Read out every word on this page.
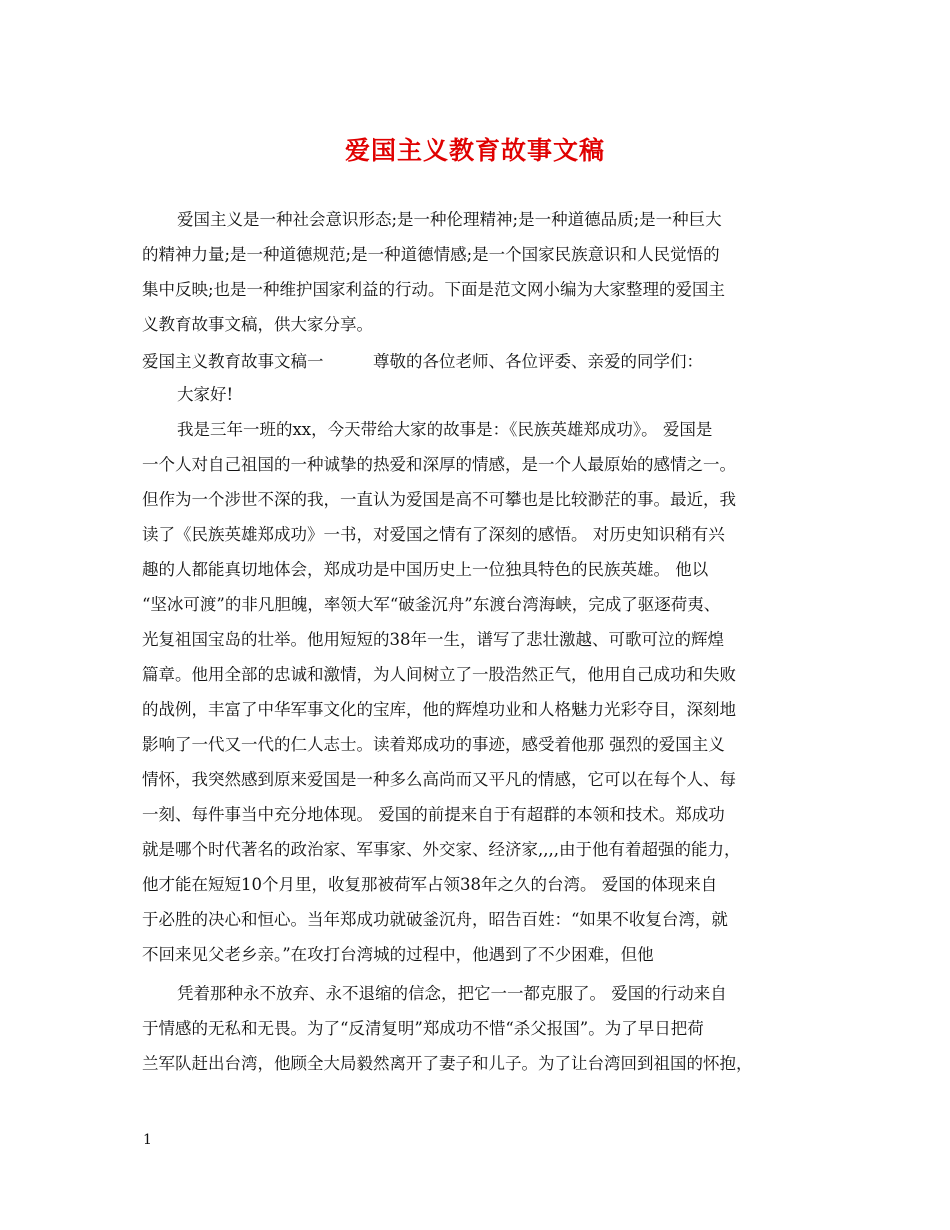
爱国主义教育故事文稿
爱国主义是一种社会意识形态;是一种伦理精神;是一种道德品质;是一种巨大
的精神力量;是一种道德规范;是一种道德情感;是一个国家民族意识和人民觉悟的
集中反映;也是一种维护国家利益的行动。下面是范文网小编为大家整理的爱国主
义教育故事文稿，供大家分享。
爱国主义教育故事文稿一　　　尊敬的各位老师、各位评委、亲爱的同学们：
大家好!
我是三年一班的xx，今天带给大家的故事是：《民族英雄郑成功》。 爱国是
一个人对自己祖国的一种诚挚的热爱和深厚的情感，是一个人最原始的感情之一。
但作为一个涉世不深的我，一直认为爱国是高不可攀也是比较渺茫的事。最近，我
读了《民族英雄郑成功》一书，对爱国之情有了深刻的感悟。 对历史知识稍有兴
趣的人都能真切地体会，郑成功是中国历史上一位独具特色的民族英雄。 他以
“坚冰可渡”的非凡胆魄，率领大军“破釜沉舟”东渡台湾海峡，完成了驱逐荷夷、
光复祖国宝岛的壮举。他用短短的38年一生，谱写了悲壮激越、可歌可泣的辉煌
篇章。他用全部的忠诚和激情，为人间树立了一股浩然正气，他用自己成功和失败
的战例，丰富了中华军事文化的宝库，他的辉煌功业和人格魅力光彩夺目，深刻地
影响了一代又一代的仁人志士。读着郑成功的事迹，感受着他那 强烈的爱国主义
情怀，我突然感到原来爱国是一种多么高尚而又平凡的情感，它可以在每个人、每
一刻、每件事当中充分地体现。 爱国的前提来自于有超群的本领和技术。郑成功
就是哪个时代著名的政治家、军事家、外交家、经济家,,,,由于他有着超强的能力，
他才能在短短10个月里，收复那被荷军占领38年之久的台湾。 爱国的体现来自
于必胜的决心和恒心。当年郑成功就破釜沉舟，昭告百姓：“如果不收复台湾，就
不回来见父老乡亲。”在攻打台湾城的过程中，他遇到了不少困难，但他
凭着那种永不放弃、永不退缩的信念，把它一一都克服了。 爱国的行动来自
于情感的无私和无畏。为了“反清复明”郑成功不惜“杀父报国”。为了早日把荷
兰军队赶出台湾，他顾全大局毅然离开了妻子和儿子。为了让台湾回到祖国的怀抱，
1
